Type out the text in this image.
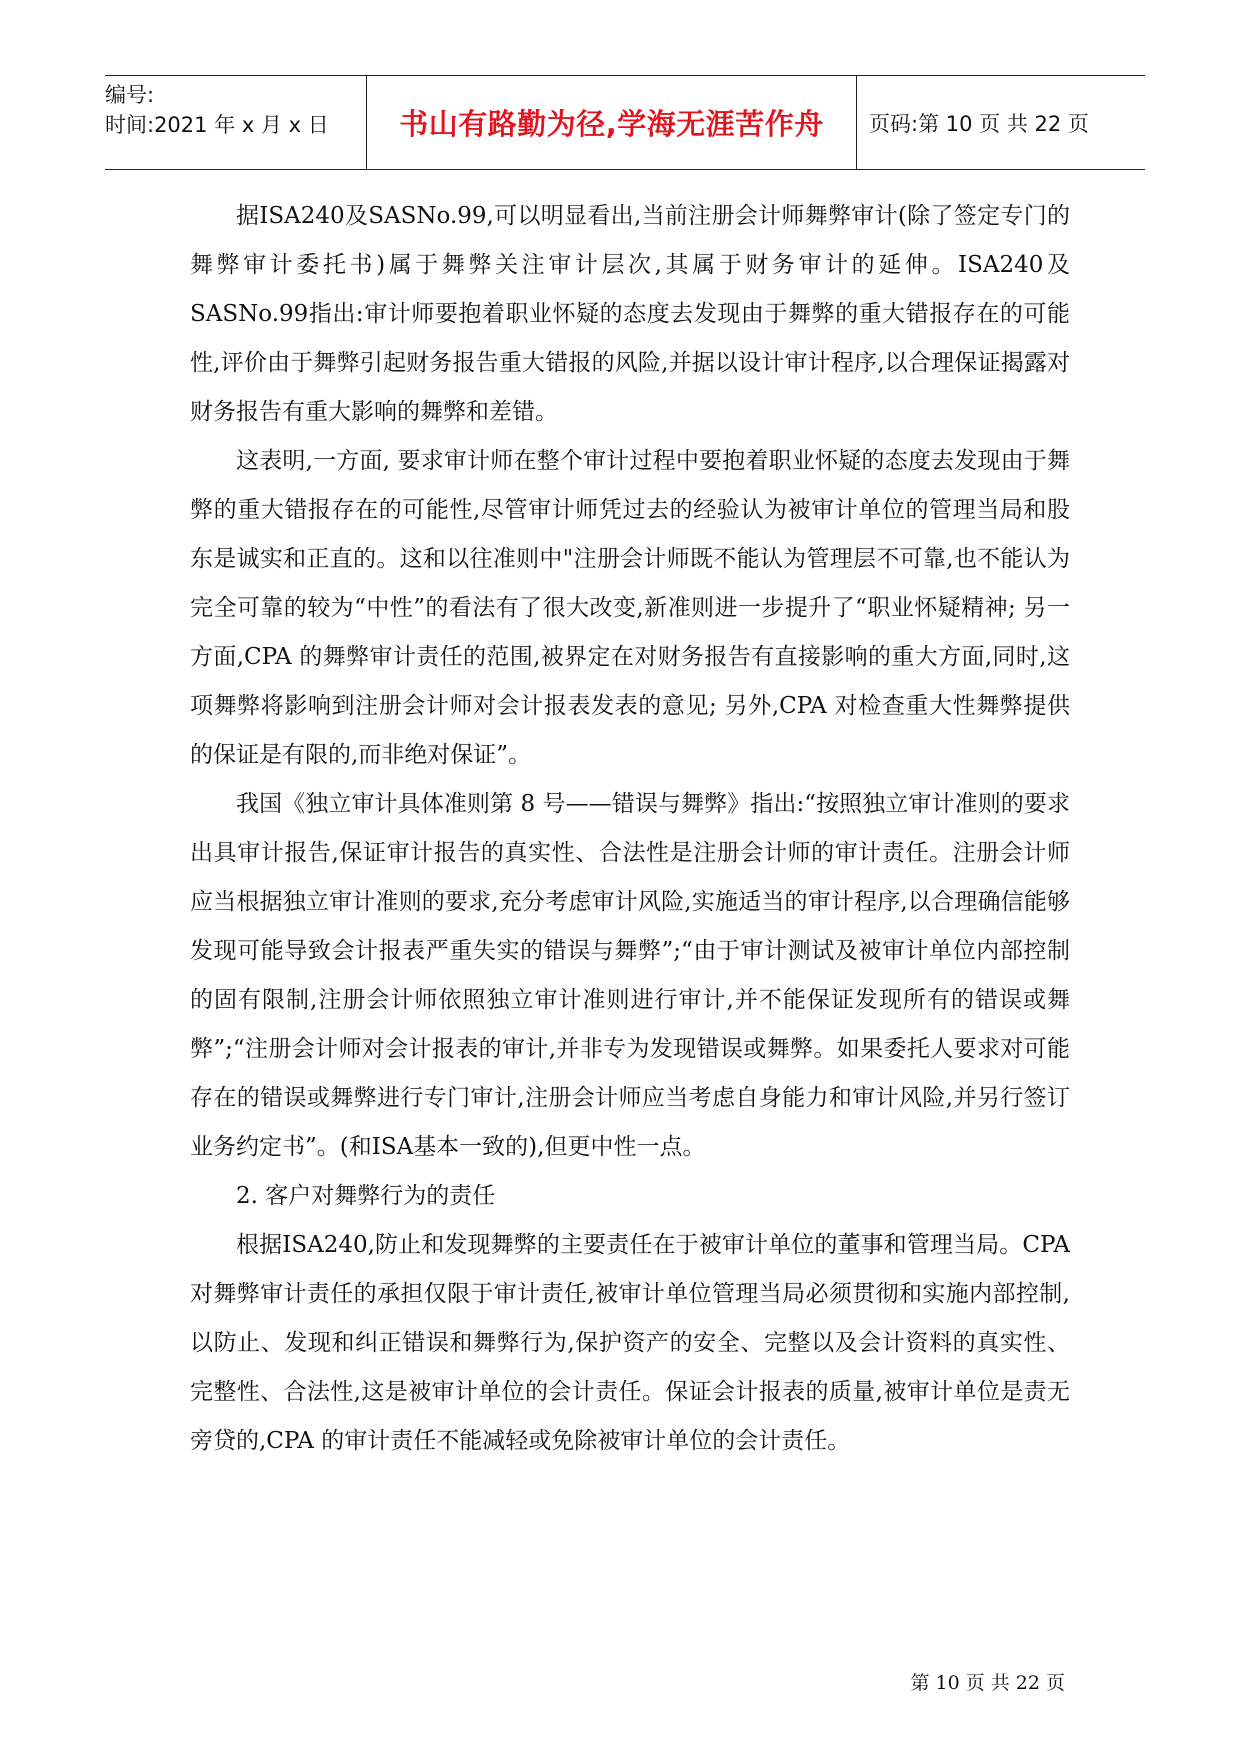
编号:
时间:2021 年 x 月 x 日	书山有路勤为径,学海无涯苦作舟	页码:第 10 页 共 22 页

据ISA240及SASNo.99,可以明显看出,当前注册会计师舞弊审计(除了签定专门的舞弊审计委托书)属于舞弊关注审计层次,其属于财务审计的延伸。ISA240及SASNo.99指出:审计师要抱着职业怀疑的态度去发现由于舞弊的重大错报存在的可能性,评价由于舞弊引起财务报告重大错报的风险,并据以设计审计程序,以合理保证揭露对财务报告有重大影响的舞弊和差错。

这表明,一方面, 要求审计师在整个审计过程中要抱着职业怀疑的态度去发现由于舞弊的重大错报存在的可能性,尽管审计师凭过去的经验认为被审计单位的管理当局和股东是诚实和正直的。这和以往准则中"注册会计师既不能认为管理层不可靠,也不能认为完全可靠的较为“中性”的看法有了很大改变,新准则进一步提升了“职业怀疑精神; 另一方面,CPA 的舞弊审计责任的范围,被界定在对财务报告有直接影响的重大方面,同时,这项舞弊将影响到注册会计师对会计报表发表的意见; 另外,CPA 对检查重大性舞弊提供的保证是有限的,而非绝对保证”。

我国《独立审计具体准则第 8 号——错误与舞弊》指出:“按照独立审计准则的要求出具审计报告,保证审计报告的真实性、合法性是注册会计师的审计责任。注册会计师应当根据独立审计准则的要求,充分考虑审计风险,实施适当的审计程序,以合理确信能够发现可能导致会计报表严重失实的错误与舞弊”;“由于审计测试及被审计单位内部控制的固有限制,注册会计师依照独立审计准则进行审计,并不能保证发现所有的错误或舞弊”;“注册会计师对会计报表的审计,并非专为发现错误或舞弊。如果委托人要求对可能存在的错误或舞弊进行专门审计,注册会计师应当考虑自身能力和审计风险,并另行签订业务约定书”。(和ISA基本一致的),但更中性一点。

2. 客户对舞弊行为的责任

根据ISA240,防止和发现舞弊的主要责任在于被审计单位的董事和管理当局。CPA 对舞弊审计责任的承担仅限于审计责任,被审计单位管理当局必须贯彻和实施内部控制,以防止、发现和纠正错误和舞弊行为,保护资产的安全、完整以及会计资料的真实性、完整性、合法性,这是被审计单位的会计责任。保证会计报表的质量,被审计单位是责无旁贷的,CPA 的审计责任不能减轻或免除被审计单位的会计责任。

第 10 页 共 22 页
